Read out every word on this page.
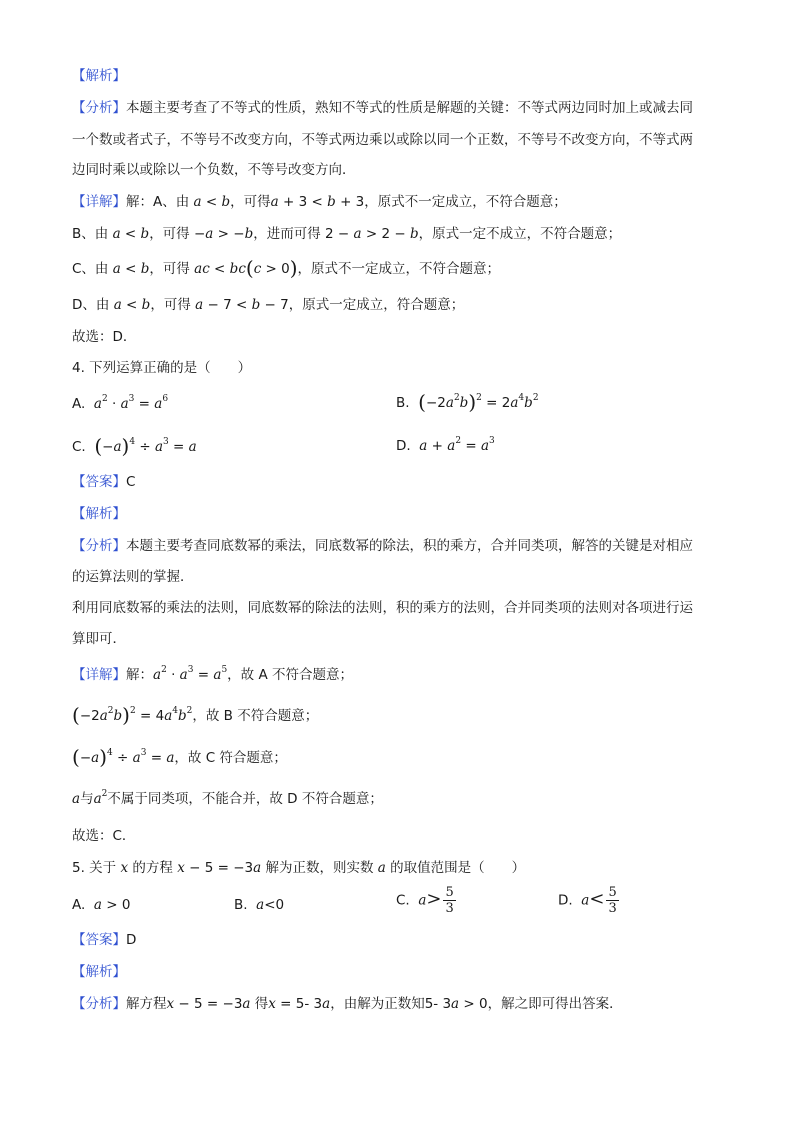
【解析】
【分析】本题主要考查了不等式的性质，熟知不等式的性质是解题的关键：不等式两边同时加上或减去同
一个数或者式子，不等号不改变方向，不等式两边乘以或除以同一个正数，不等号不改变方向，不等式两
边同时乘以或除以一个负数，不等号改变方向．
【详解】解：A、由 a < b，可得a + 3 < b + 3，原式不一定成立，不符合题意；
B、由 a < b，可得 −a > −b，进而可得 2 − a > 2 − b，原式一定不成立，不符合题意；
C、由 a < b，可得 ac < bc(c > 0)，原式不一定成立，不符合题意；
D、由 a < b，可得 a − 7 < b − 7，原式一定成立，符合题意；
故选：D．
4. 下列运算正确的是（　　）
A. $a^2 \cdot a^3 = a^6$	B. $(-2a^2b)^2 = 2a^4b^2$
C. $(-a)^4 \div a^3 = a$	D. $a + a^2 = a^3$
【答案】C
【解析】
【分析】本题主要考查同底数幂的乘法，同底数幂的除法，积的乘方，合并同类项，解答的关键是对相应
的运算法则的掌握．
利用同底数幂的乘法的法则，同底数幂的除法的法则，积的乘方的法则，合并同类项的法则对各项进行运
算即可．
【详解】解：$a^2 \cdot a^3 = a^5$，故 A 不符合题意；
$(-2a^2b)^2 = 4a^4b^2$，故 B 不符合题意；
$(-a)^4 \div a^3 = a$，故 C 符合题意；
a与$a^2$不属于同类项，不能合并，故 D 不符合题意；
故选：C．
5. 关于 x 的方程 x − 5 = −3a 解为正数，则实数 a 的取值范围是（　　）
A. a > 0	B. a<0	C. $a> \frac{5}{3}$	D. $a< \frac{5}{3}$
【答案】D
【解析】
【分析】解方程x − 5 = −3a 得x = 5- 3a，由解为正数知5- 3a > 0，解之即可得出答案．
